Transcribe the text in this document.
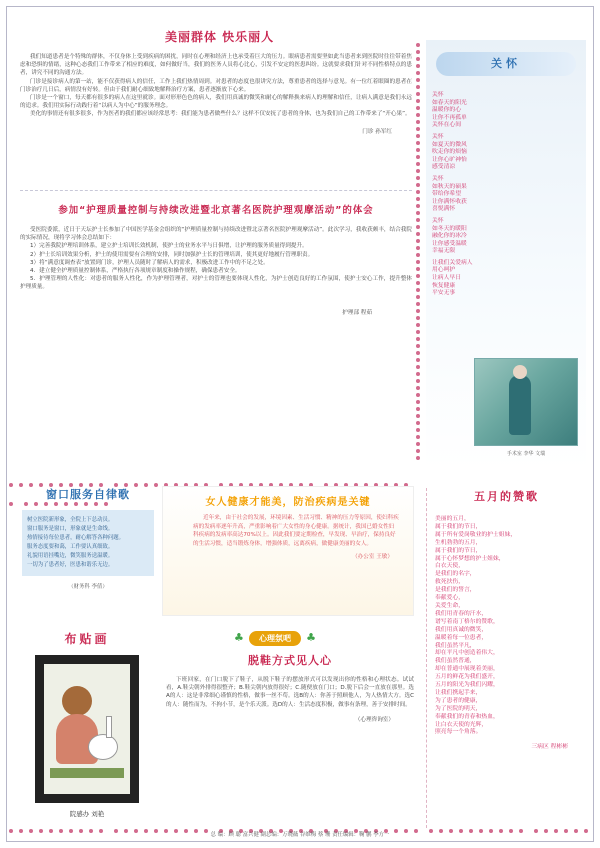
美丽群体 快乐丽人

我们知道患者是个特殊的群体，不仅身体上受到疾病的困扰，同时在心理和经济上也承受着巨大的压力。眼病患者需要坚如此当患者来到医院时往往带着焦虑和恐惧的情绪，这种心态我们工作带来了相应的难度，如何做好当，我们的医务人员将心比心，引发不安定的医患纠纷。这就要求我们针对不同性格特点的患者，讲究不同的沟通方法。

门诊是接诊病人的第一站，能不仅获得病人的信任，工作上我们热情周到。对患者的态度也很讲究方法，尊重患者的选择与意见。有一位红着眼圈的患者在门诊治疗几日后，病情没有好转。但由于我们耐心细致地解释治疗方案，患者逐渐放下心来。

门诊是一个窗口，每天都有很多的病人在这里就诊。面对形形色色的病人，我们用真诚的微笑和耐心的解释换来病人的理解和信任，让病人满意是我们永远的追求。我们用实际行动践行着“以病人为中心”的服务理念。

美化的事情还有很多很多，作为医者的我们都应该经常思考：我们能为患者做些什么？这样不仅安抚了患者的身体，也为我们自己的工作带来了“开心果”。

门诊 孙军红
参加“护理质量控制与持续改进暨北京著名医院护理观摩活动”的体会

受医院委派，近日于天坛护士长参加了中国医学基金会组织的“护理质量控制与持续改进暨北京著名医院护理观摩活动”。此次学习，我收获颇丰，结合我院的实际情况，现将学习体会总结如下：

1）完善我院护理培训体系，建立护士培训长效机制，使护士的业务水平与日俱增，让护理的服务质量得到提升。

2）护士长培训效果分析，护士的使用需要有合理的安排，同时加强护士长的管理培训，使其更好地履行管理职责。

3）将“满意度调查表”放置到门诊，护理人员随时了解病人的需求，积极改进工作中的不足之处。

4．建立健全护理质量控制体系，严格执行各项规章制度和操作规程，确保患者安全。

5．护理管理的人性化：对患者的服务人性化，作为护理管理者，对护士的管理也要体现人性化，为护士创造良好的工作氛围，使护士安心工作，提升整体护理质量。

护理部 程茹
关怀
关怀
如春天的阳光
温暖你的心
让你不再孤单
关怀在心间
关怀
如夏天的微风
吹走你的烦恼
让你心旷神怡
感受清凉
关怀
如秋天的硕果
带给你希望
让你满怀收获
喜悦满怀
关怀
如冬天的暖阳
融化你的冰冷
让你感受温暖
幸福无限
让我们关爱病人
用心呵护
让病人早日
恢复健康
平安无事
手术室 李华 文瑞

窗口服务自律歌
树立医院新形象，全院上下总动员。
窗口服务是窗口，形象就是生命线。
热情接待每位患者，耐心解答各种问题。
服务态度要和蔼，工作要认真细致。
礼貌用语挂嘴边，微笑服务送温暖。
一切为了患者好，医患和谐乐无边。
（财务科 李倩）
女人健康才能美，防治疾病是关键
近年来，由于社会的发展，环境因素、生活习惯、精神的压力等原因，使妇科疾病的发病率逐年升高，严重影响着广大女性的身心健康。据统计，我国已婚女性妇科疾病的发病率高达70%以上。因此我们要定期检查，早发现、早治疗，保持良好的生活习惯，适当锻炼身体，增强体质，远离疾病，做健康美丽的女人。
（办公室 王敏）
布贴画
院感办 刘艳
♣ 心理氛吧 ♣
脱鞋方式见人心

下班回家，在门口脱下了鞋子，从脱下鞋子的摆放形式可以发现出你的性格和心理状态。试试看，A.鞋尖朝外排得很整齐；B.鞋尖朝内放得很好；C.随便放在门口；D.脱下后会一直放在那里。选A的人：这是非常细心谨慎的性格，做事一丝不苟。选B的人：你善于照顾他人，为人热情大方。选C的人：随性而为，不拘小节，是个乐天派。选D的人：生活态度积极，做事有条理，善于安排时间。

（心理咨询室）
五月的赞歌
美丽的五月，
属于我们的节日，
属于所有爱岗敬业的护士姐妹，
生机勃勃的五月，
属于我们的节日，
属于心怀梦想的护士姐妹，
白衣天使，
是我们的名字，
救死扶伤，
是我们的誓言，
奉献爱心，
关爱生命，
我们用青春的汗水，
谱写着南丁格尔的赞歌，
我们用真诚的微笑，
温暖着每一位患者，
我们虽然平凡，
却在平凡中创造着伟大，
我们虽然普通，
却在普通中展现着美丽，
五月的鲜花为我们盛开，
五月的阳光为我们闪耀，
让我们携起手来，
为了患者的健康，
为了医院的明天，
奉献我们的青春和热血，
让白衣天使的光辉，
照亮每一个角落。
三病区 程彬彬

总 编：顾 聪 富兴健 副总编：万晓薇 谷维梅 蔡 珊 责任编辑：鞠 鹏 李方一
